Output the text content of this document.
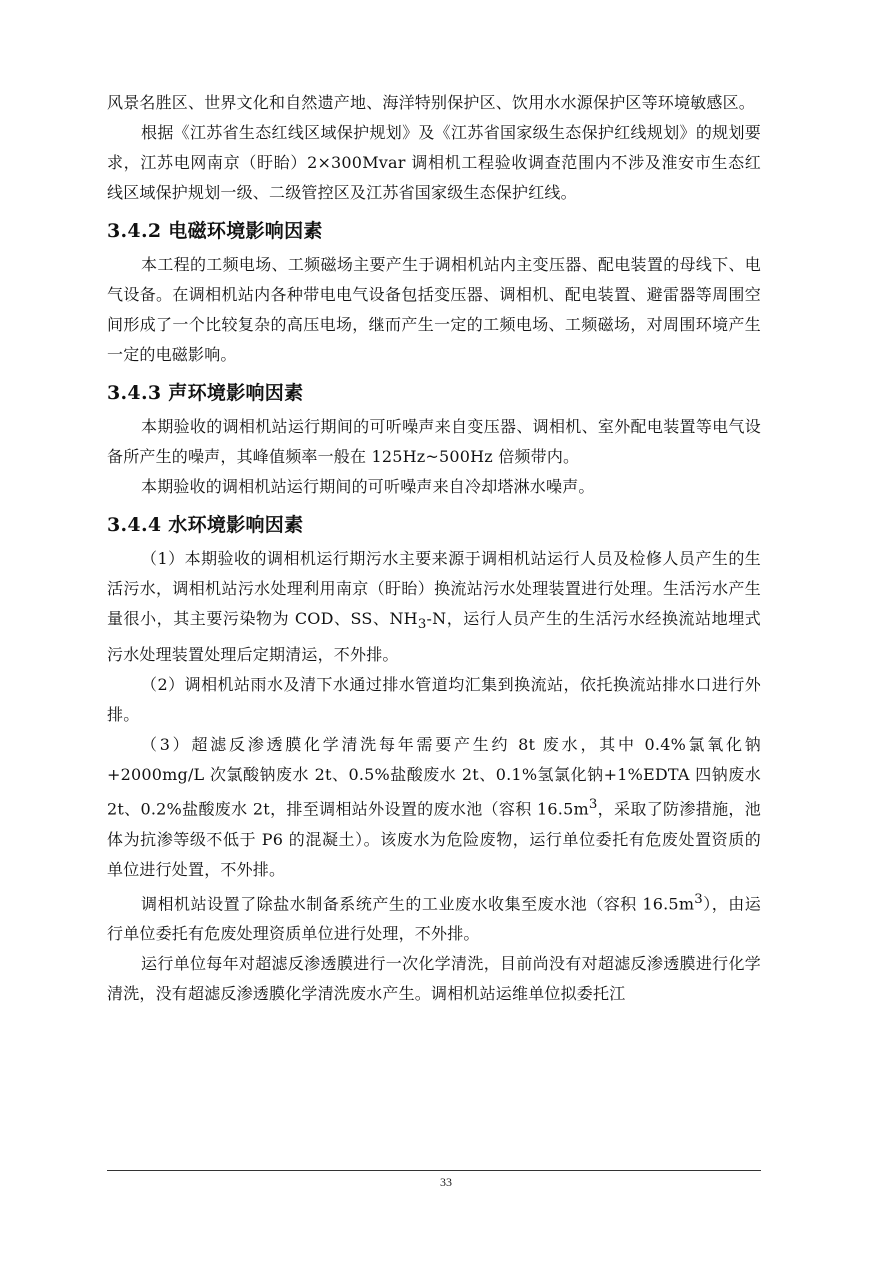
风景名胜区、世界文化和自然遗产地、海洋特别保护区、饮用水水源保护区等环境敏感区。

根据《江苏省生态红线区域保护规划》及《江苏省国家级生态保护红线规划》的规划要求，江苏电网南京（盱眙）2×300Mvar 调相机工程验收调查范围内不涉及淮安市生态红线区域保护规划一级、二级管控区及江苏省国家级生态保护红线。

3.4.2 电磁环境影响因素

本工程的工频电场、工频磁场主要产生于调相机站内主变压器、配电装置的母线下、电气设备。在调相机站内各种带电电气设备包括变压器、调相机、配电装置、避雷器等周围空间形成了一个比较复杂的高压电场，继而产生一定的工频电场、工频磁场，对周围环境产生一定的电磁影响。

3.4.3 声环境影响因素

本期验收的调相机站运行期间的可听噪声来自变压器、调相机、室外配电装置等电气设备所产生的噪声，其峰值频率一般在 125Hz~500Hz 倍频带内。

本期验收的调相机站运行期间的可听噪声来自冷却塔淋水噪声。

3.4.4 水环境影响因素

（1）本期验收的调相机运行期污水主要来源于调相机站运行人员及检修人员产生的生活污水，调相机站污水处理利用南京（盱眙）换流站污水处理装置进行处理。生活污水产生量很小，其主要污染物为 COD、SS、$NH_3-N$，运行人员产生的生活污水经换流站地埋式污水处理装置处理后定期清运，不外排。

（2）调相机站雨水及清下水通过排水管道均汇集到换流站，依托换流站排水口进行外排。

（3）超滤反渗透膜化学清洗每年需要产生约 8t 废水，其中 0.4%氯氧化钠+2000mg/L 次氯酸钠废水 2t、0.5%盐酸废水 2t、0.1%氢氯化钠+1%EDTA 四钠废水 2t、0.2%盐酸废水 2t，排至调相站外设置的废水池（容积 $16.5m^3$，采取了防渗措施，池体为抗渗等级不低于 P6 的混凝土）。该废水为危险废物，运行单位委托有危废处置资质的单位进行处置，不外排。

调相机站设置了除盐水制备系统产生的工业废水收集至废水池（容积 $16.5m^3$），由运行单位委托有危废处理资质单位进行处理，不外排。

运行单位每年对超滤反渗透膜进行一次化学清洗，目前尚没有对超滤反渗透膜进行化学清洗，没有超滤反渗透膜化学清洗废水产生。调相机站运维单位拟委托江

33
